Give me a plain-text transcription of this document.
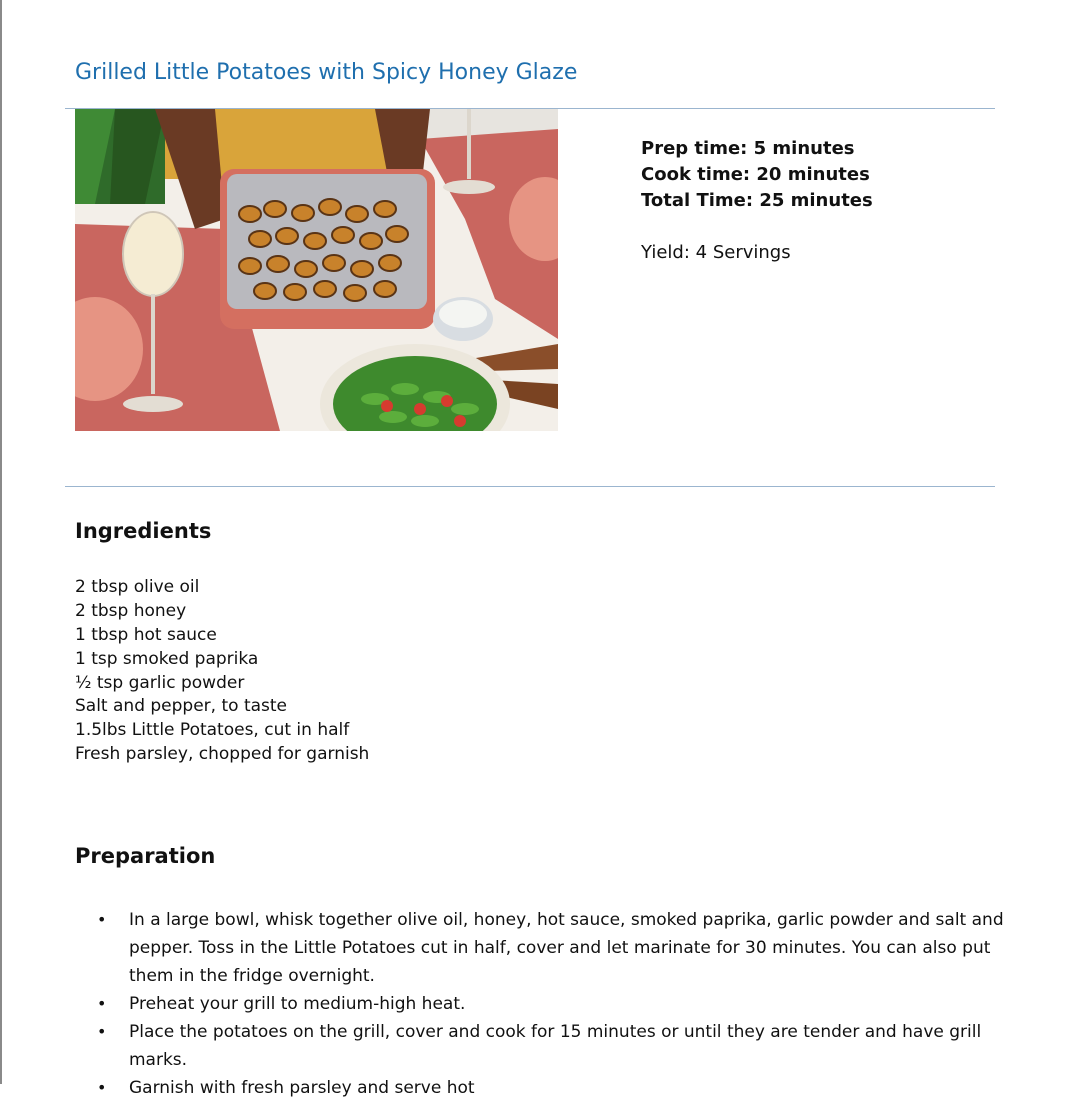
Grilled Little Potatoes with Spicy Honey Glaze
Prep time: 5 minutes
Cook time: 20 minutes
Total Time: 25 minutes
Yield: 4 Servings
Ingredients
2 tbsp olive oil
2 tbsp honey
1 tbsp hot sauce
1 tsp smoked paprika
½ tsp garlic powder
Salt and pepper, to taste
1.5lbs Little Potatoes, cut in half
Fresh parsley, chopped for garnish
Preparation
• In a large bowl, whisk together olive oil, honey, hot sauce, smoked paprika, garlic powder and salt and pepper. Toss in the Little Potatoes cut in half, cover and let marinate for 30 minutes. You can also put them in the fridge overnight.
• Preheat your grill to medium-high heat.
• Place the potatoes on the grill, cover and cook for 15 minutes or until they are tender and have grill marks.
• Garnish with fresh parsley and serve hot
